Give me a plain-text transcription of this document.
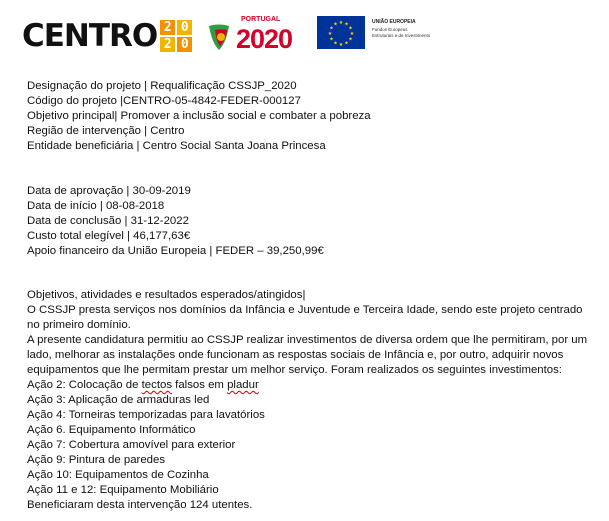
CENTRO 2 0
2 0
PORTUGAL
2020
★ ★
★
★
★
★
★
★
★
★
★
★	UNIÃO EUROPEIA
Fundos Europeus
Estruturais e de Investimento
Designação do projeto | Requalificação CSSJP_2020
Código do projeto |CENTRO-05-4842-FEDER-000127
Objetivo principal| Promover a inclusão social e combater a pobreza
Região de intervenção | Centro
Entidade beneficiária | Centro Social Santa Joana Princesa
Data de aprovação | 30-09-2019
Data de início | 08-08-2018
Data de conclusão | 31-12-2022
Custo total elegível | 46,177,63€
Apoio financeiro da União Europeia | FEDER – 39,250,99€
Objetivos, atividades e resultados esperados/atingidos|
O CSSJP presta serviços nos domínios da Infância e Juventude e Terceira Idade, sendo este projeto centrado no primeiro domínio.
A presente candidatura permitiu ao CSSJP realizar investimentos de diversa ordem que lhe permitiram, por um lado, melhorar as instalações onde funcionam as respostas sociais de Infância e, por outro, adquirir novos equipamentos que lhe permitam prestar um melhor serviço. Foram realizados os seguintes investimentos:
Ação 2: Colocação de tectos falsos em pladur
Ação 3: Aplicação de armaduras led
Ação 4: Torneiras temporizadas para lavatórios
Ação 6. Equipamento Informático
Ação 7: Cobertura amovível para exterior
Ação 9: Pintura de paredes
Ação 10: Equipamentos de Cozinha
Ação 11 e 12: Equipamento Mobiliário
Beneficiaram desta intervenção 124 utentes.
